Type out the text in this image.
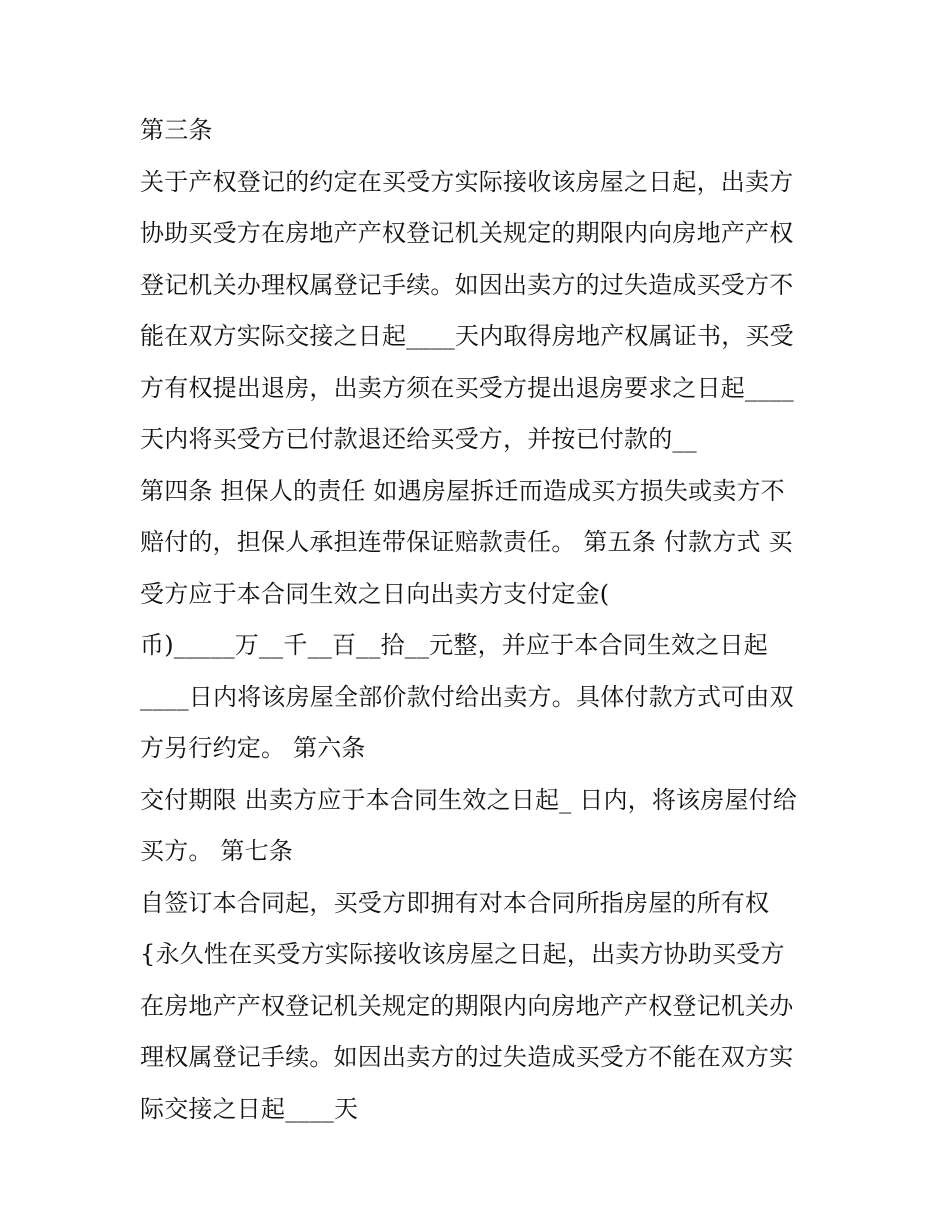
第三条
关于产权登记的约定在买受方实际接收该房屋之日起，出卖方
协助买受方在房地产产权登记机关规定的期限内向房地产产权
登记机关办理权属登记手续。如因出卖方的过失造成买受方不
能在双方实际交接之日起____天内取得房地产权属证书，买受
方有权提出退房，出卖方须在买受方提出退房要求之日起____
天内将买受方已付款退还给买受方，并按已付款的__
第四条 担保人的责任 如遇房屋拆迁而造成买方损失或卖方不
赔付的，担保人承担连带保证赔款责任。 第五条 付款方式 买
受方应于本合同生效之日向出卖方支付定金(
币)_____万__千__百__拾__元整，并应于本合同生效之日起
____日内将该房屋全部价款付给出卖方。具体付款方式可由双
方另行约定。 第六条
交付期限 出卖方应于本合同生效之日起_ 日内，将该房屋付给
买方。 第七条
自签订本合同起，买受方即拥有对本合同所指房屋的所有权
{永久性在买受方实际接收该房屋之日起，出卖方协助买受方
在房地产产权登记机关规定的期限内向房地产产权登记机关办
理权属登记手续。如因出卖方的过失造成买受方不能在双方实
际交接之日起____天
